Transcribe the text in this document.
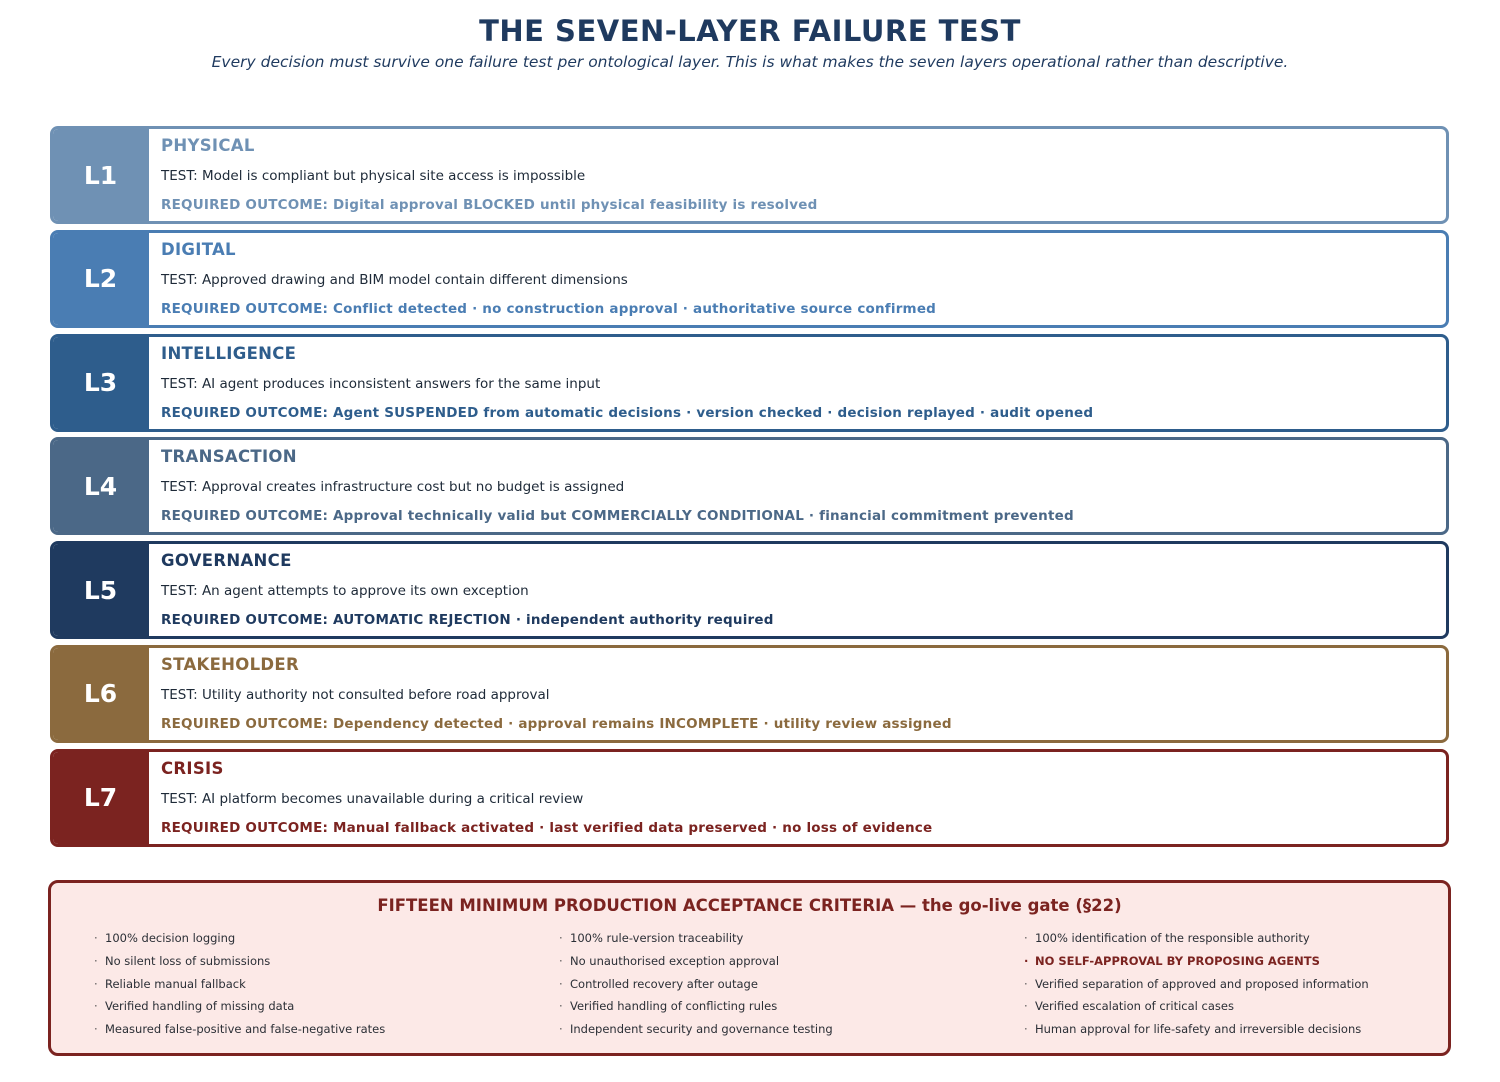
THE SEVEN-LAYER FAILURE TEST
Every decision must survive one failure test per ontological layer. This is what makes the seven layers operational rather than descriptive.
L1
PHYSICAL
TEST: Model is compliant but physical site access is impossible
REQUIRED OUTCOME: Digital approval BLOCKED until physical feasibility is resolved
L2
DIGITAL
TEST: Approved drawing and BIM model contain different dimensions
REQUIRED OUTCOME: Conflict detected · no construction approval · authoritative source confirmed
L3
INTELLIGENCE
TEST: AI agent produces inconsistent answers for the same input
REQUIRED OUTCOME: Agent SUSPENDED from automatic decisions · version checked · decision replayed · audit opened
L4
TRANSACTION
TEST: Approval creates infrastructure cost but no budget is assigned
REQUIRED OUTCOME: Approval technically valid but COMMERCIALLY CONDITIONAL · financial commitment prevented
L5
GOVERNANCE
TEST: An agent attempts to approve its own exception
REQUIRED OUTCOME: AUTOMATIC REJECTION · independent authority required
L6
STAKEHOLDER
TEST: Utility authority not consulted before road approval
REQUIRED OUTCOME: Dependency detected · approval remains INCOMPLETE · utility review assigned
L7
CRISIS
TEST: AI platform becomes unavailable during a critical review
REQUIRED OUTCOME: Manual fallback activated · last verified data preserved · no loss of evidence
FIFTEEN MINIMUM PRODUCTION ACCEPTANCE CRITERIA — the go-live gate (§22)
· 100% decision logging
· No silent loss of submissions
· Reliable manual fallback
· Verified handling of missing data
· Measured false-positive and false-negative rates
· 100% rule-version traceability
· No unauthorised exception approval
· Controlled recovery after outage
· Verified handling of conflicting rules
· Independent security and governance testing
· 100% identification of the responsible authority
· NO SELF-APPROVAL BY PROPOSING AGENTS
· Verified separation of approved and proposed information
· Verified escalation of critical cases
· Human approval for life-safety and irreversible decisions
